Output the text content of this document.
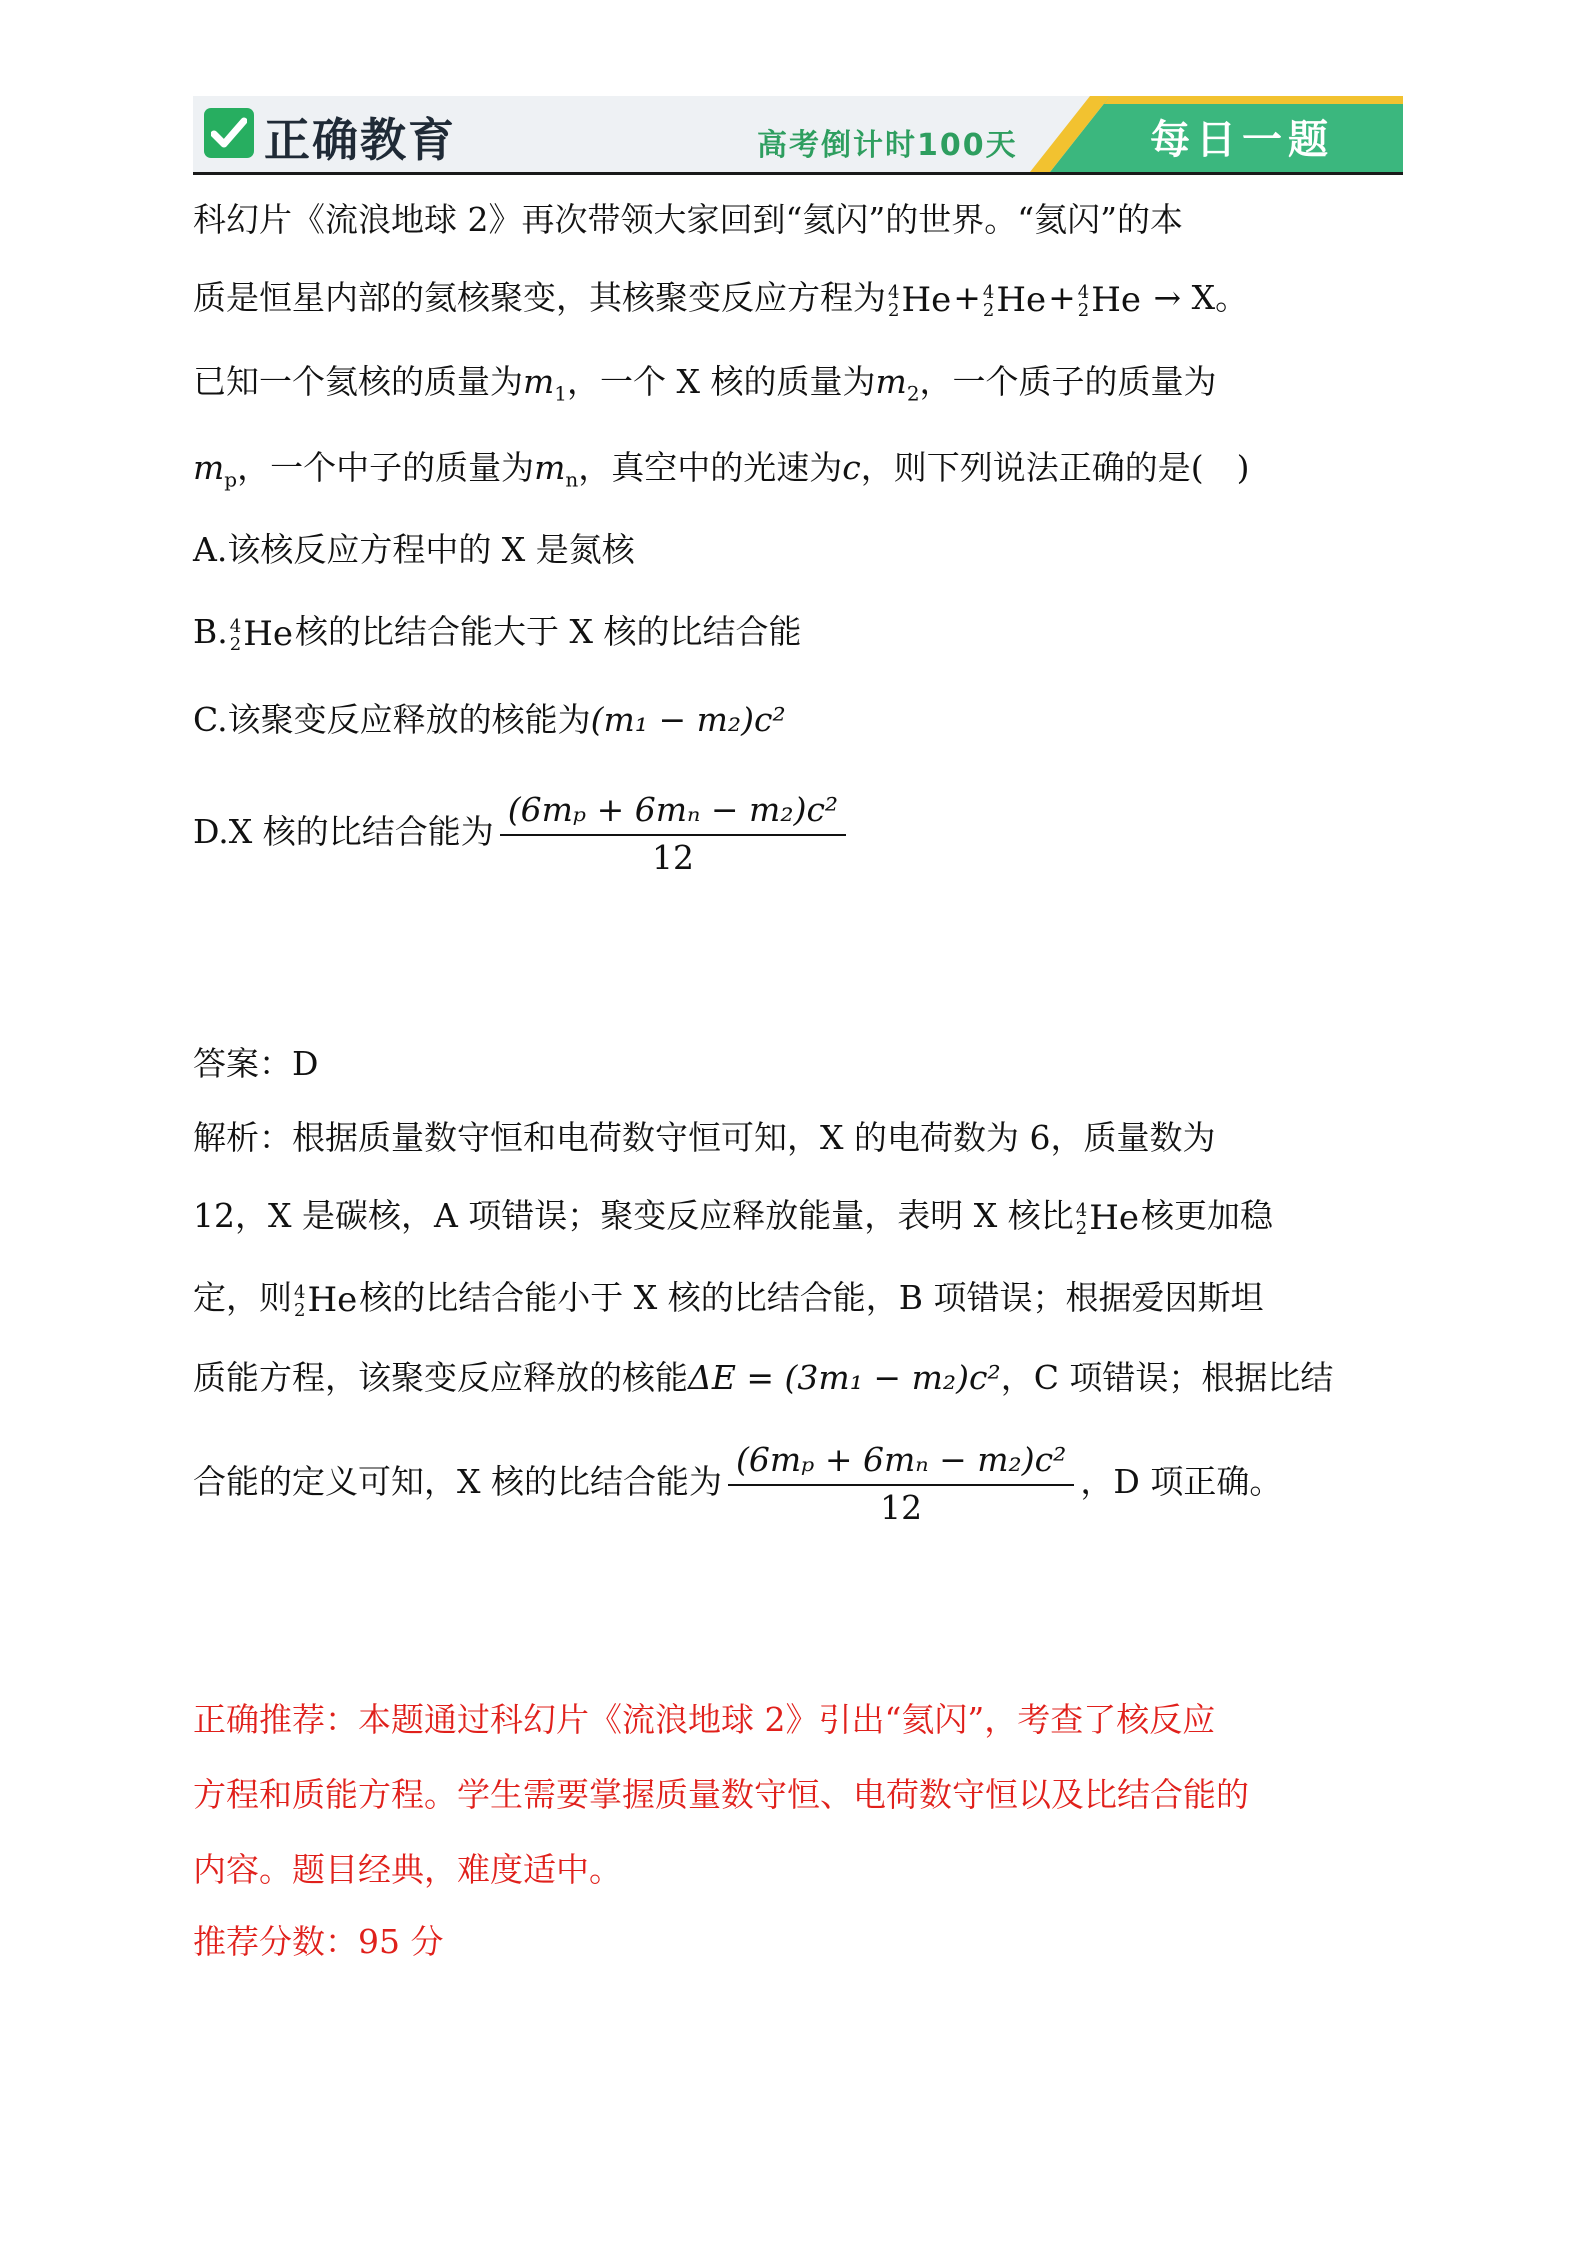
正确教育	高考倒计时100天	每日一题
科幻片《流浪地球 2》再次带领大家回到“氦闪”的世界。“氦闪”的本
质是恒星内部的氦核聚变，其核聚变反应方程为 4
2 He+ 4
2 He+ 4
2 He → X。
已知一个氦核的质量为$m_1$，一个 X 核的质量为$m_2$，一个质子的质量为
$m_p$，一个中子的质量为$m_n$，真空中的光速为c，则下列说法正确的是(　)
A.该核反应方程中的 X 是氮核
B. 4
2 He核的比结合能大于 X 核的比结合能
C.该聚变反应释放的核能为(m₁ − m₂)c²
D.X 核的比结合能为 $\frac{\text{(6mₚ + 6mₙ − m₂)c²}}{12}$
答案：D
解析：根据质量数守恒和电荷数守恒可知，X 的电荷数为 6，质量数为
12，X 是碳核，A 项错误；聚变反应释放能量，表明 X 核比 4
2 He核更加稳
定，则 4
2 He核的比结合能小于 X 核的比结合能，B 项错误；根据爱因斯坦
质能方程，该聚变反应释放的核能ΔE = (3m₁ − m₂)c²，C 项错误；根据比结
合能的定义可知，X 核的比结合能为 $\frac{\text{(6mₚ + 6mₙ − m₂)c²}}{12}$ ，D 项正确。
正确推荐：本题通过科幻片《流浪地球 2》引出“氦闪”，考查了核反应
方程和质能方程。学生需要掌握质量数守恒、电荷数守恒以及比结合能的
内容。题目经典，难度适中。
推荐分数：95 分
